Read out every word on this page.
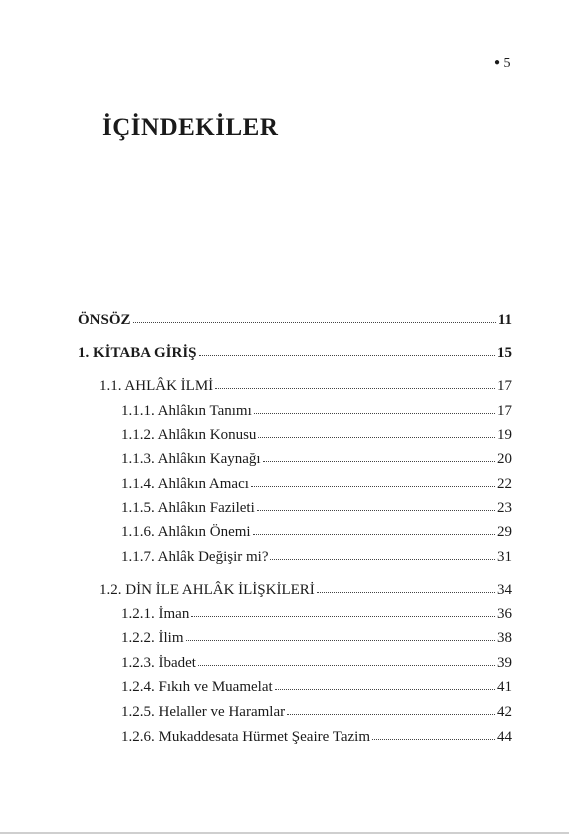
● 5
İÇİNDEKİLER
ÖNSÖZ	11
1. KİTABA GİRİŞ	15
1.1. AHLÂK İLMİ	17
1.1.1. Ahlâkın Tanımı	17
1.1.2. Ahlâkın Konusu	19
1.1.3. Ahlâkın Kaynağı	20
1.1.4. Ahlâkın Amacı	22
1.1.5. Ahlâkın Fazileti	23
1.1.6. Ahlâkın Önemi	29
1.1.7. Ahlâk Değişir mi?	31
1.2. DİN İLE AHLÂK İLİŞKİLERİ	34
1.2.1. İman	36
1.2.2. İlim	38
1.2.3. İbadet	39
1.2.4. Fıkıh ve Muamelat	41
1.2.5. Helaller ve Haramlar	42
1.2.6. Mukaddesata Hürmet Şeaire Tazim	44
